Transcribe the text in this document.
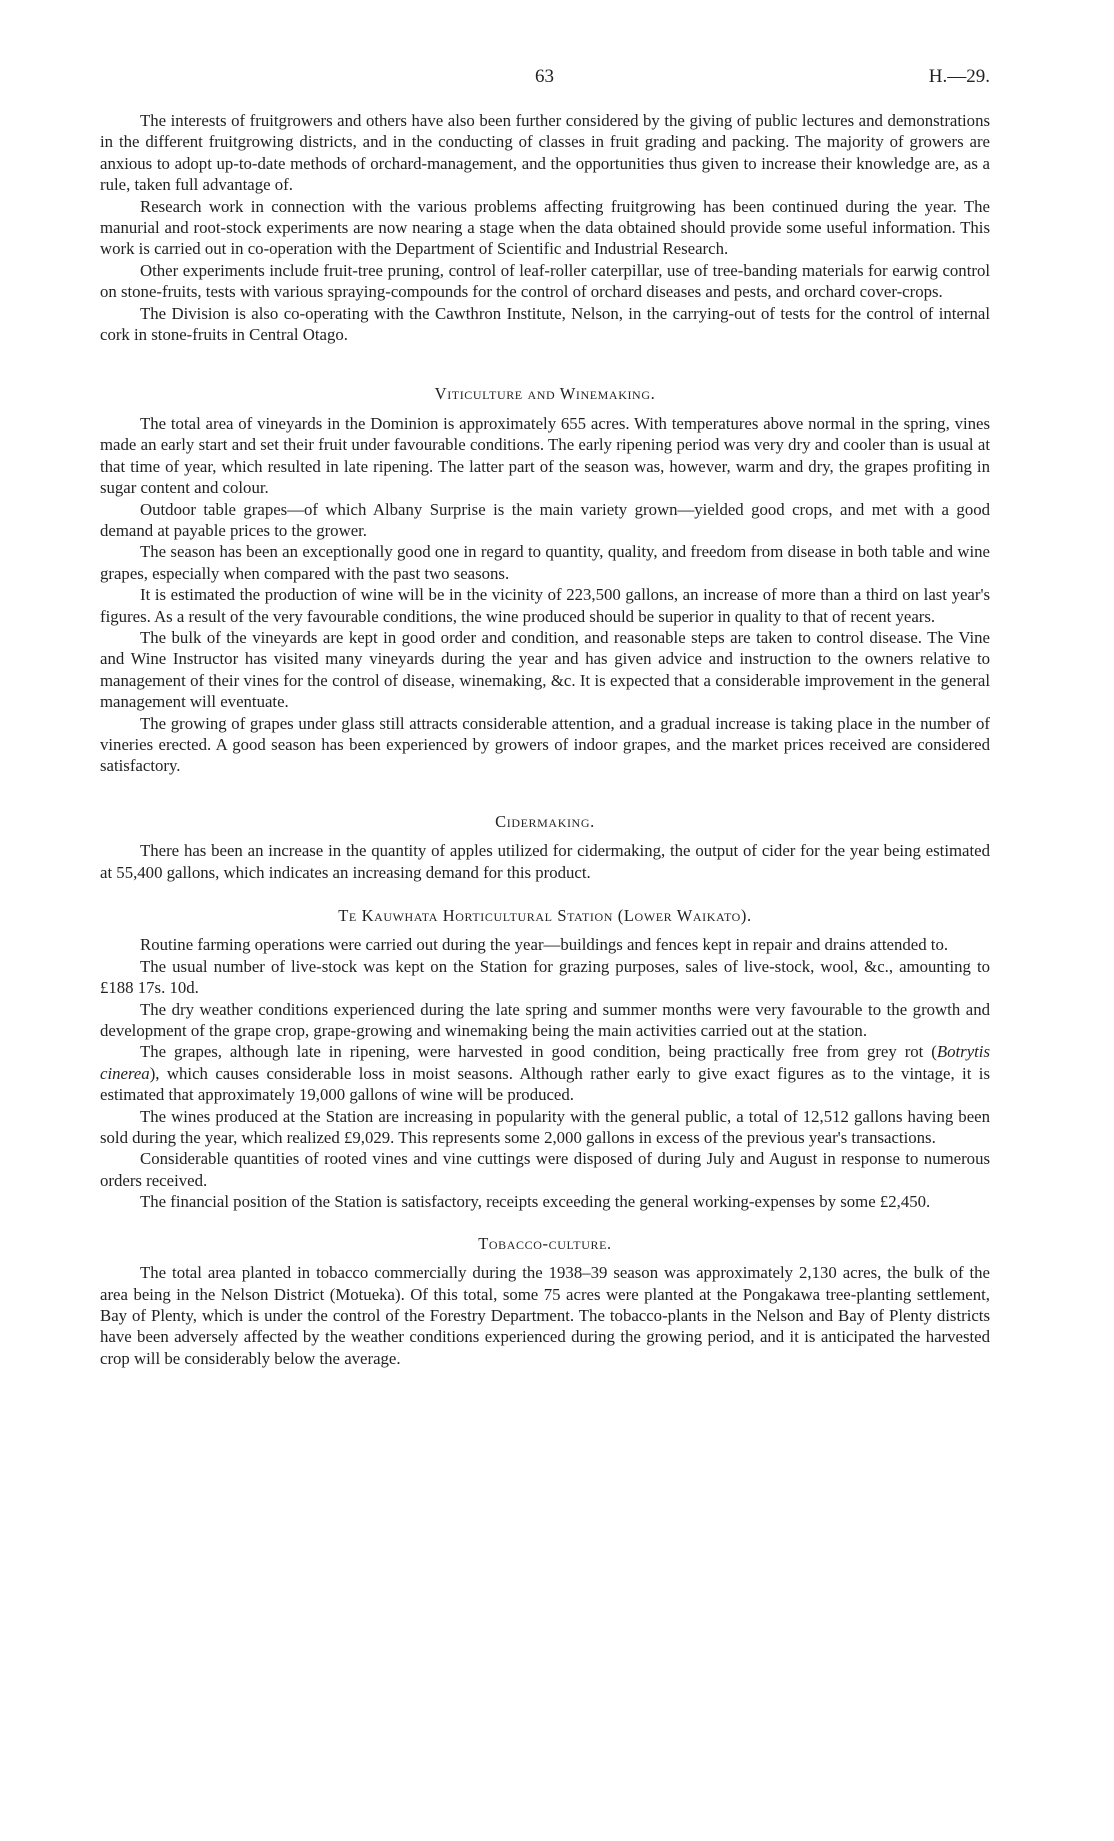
63	H.—29.

The interests of fruitgrowers and others have also been further considered by the giving of public lectures and demonstrations in the different fruitgrowing districts, and in the conducting of classes in fruit grading and packing. The majority of growers are anxious to adopt up-to-date methods of orchard-management, and the opportunities thus given to increase their knowledge are, as a rule, taken full advantage of.

Research work in connection with the various problems affecting fruitgrowing has been continued during the year. The manurial and root-stock experiments are now nearing a stage when the data obtained should provide some useful information. This work is carried out in co-operation with the Department of Scientific and Industrial Research.

Other experiments include fruit-tree pruning, control of leaf-roller caterpillar, use of tree-banding materials for earwig control on stone-fruits, tests with various spraying-compounds for the control of orchard diseases and pests, and orchard cover-crops.

The Division is also co-operating with the Cawthron Institute, Nelson, in the carrying-out of tests for the control of internal cork in stone-fruits in Central Otago.

Viticulture and Winemaking.

The total area of vineyards in the Dominion is approximately 655 acres. With temperatures above normal in the spring, vines made an early start and set their fruit under favourable conditions. The early ripening period was very dry and cooler than is usual at that time of year, which resulted in late ripening. The latter part of the season was, however, warm and dry, the grapes profiting in sugar content and colour.

Outdoor table grapes—of which Albany Surprise is the main variety grown—yielded good crops, and met with a good demand at payable prices to the grower.

The season has been an exceptionally good one in regard to quantity, quality, and freedom from disease in both table and wine grapes, especially when compared with the past two seasons.

It is estimated the production of wine will be in the vicinity of 223,500 gallons, an increase of more than a third on last year's figures. As a result of the very favourable conditions, the wine produced should be superior in quality to that of recent years.

The bulk of the vineyards are kept in good order and condition, and reasonable steps are taken to control disease. The Vine and Wine Instructor has visited many vineyards during the year and has given advice and instruction to the owners relative to management of their vines for the control of disease, winemaking, &c. It is expected that a considerable improvement in the general management will eventuate.

The growing of grapes under glass still attracts considerable attention, and a gradual increase is taking place in the number of vineries erected. A good season has been experienced by growers of indoor grapes, and the market prices received are considered satisfactory.

Cidermaking.

There has been an increase in the quantity of apples utilized for cidermaking, the output of cider for the year being estimated at 55,400 gallons, which indicates an increasing demand for this product.

Te Kauwhata Horticultural Station (Lower Waikato).

Routine farming operations were carried out during the year—buildings and fences kept in repair and drains attended to.

The usual number of live-stock was kept on the Station for grazing purposes, sales of live-stock, wool, &c., amounting to £188 17s. 10d.

The dry weather conditions experienced during the late spring and summer months were very favourable to the growth and development of the grape crop, grape-growing and winemaking being the main activities carried out at the station.

The grapes, although late in ripening, were harvested in good condition, being practically free from grey rot (Botrytis cinerea), which causes considerable loss in moist seasons. Although rather early to give exact figures as to the vintage, it is estimated that approximately 19,000 gallons of wine will be produced.

The wines produced at the Station are increasing in popularity with the general public, a total of 12,512 gallons having been sold during the year, which realized £9,029. This represents some 2,000 gallons in excess of the previous year's transactions.

Considerable quantities of rooted vines and vine cuttings were disposed of during July and August in response to numerous orders received.

The financial position of the Station is satisfactory, receipts exceeding the general working-expenses by some £2,450.

Tobacco-culture.

The total area planted in tobacco commercially during the 1938–39 season was approximately 2,130 acres, the bulk of the area being in the Nelson District (Motueka). Of this total, some 75 acres were planted at the Pongakawa tree-planting settlement, Bay of Plenty, which is under the control of the Forestry Department. The tobacco-plants in the Nelson and Bay of Plenty districts have been adversely affected by the weather conditions experienced during the growing period, and it is anticipated the harvested crop will be considerably below the average.
